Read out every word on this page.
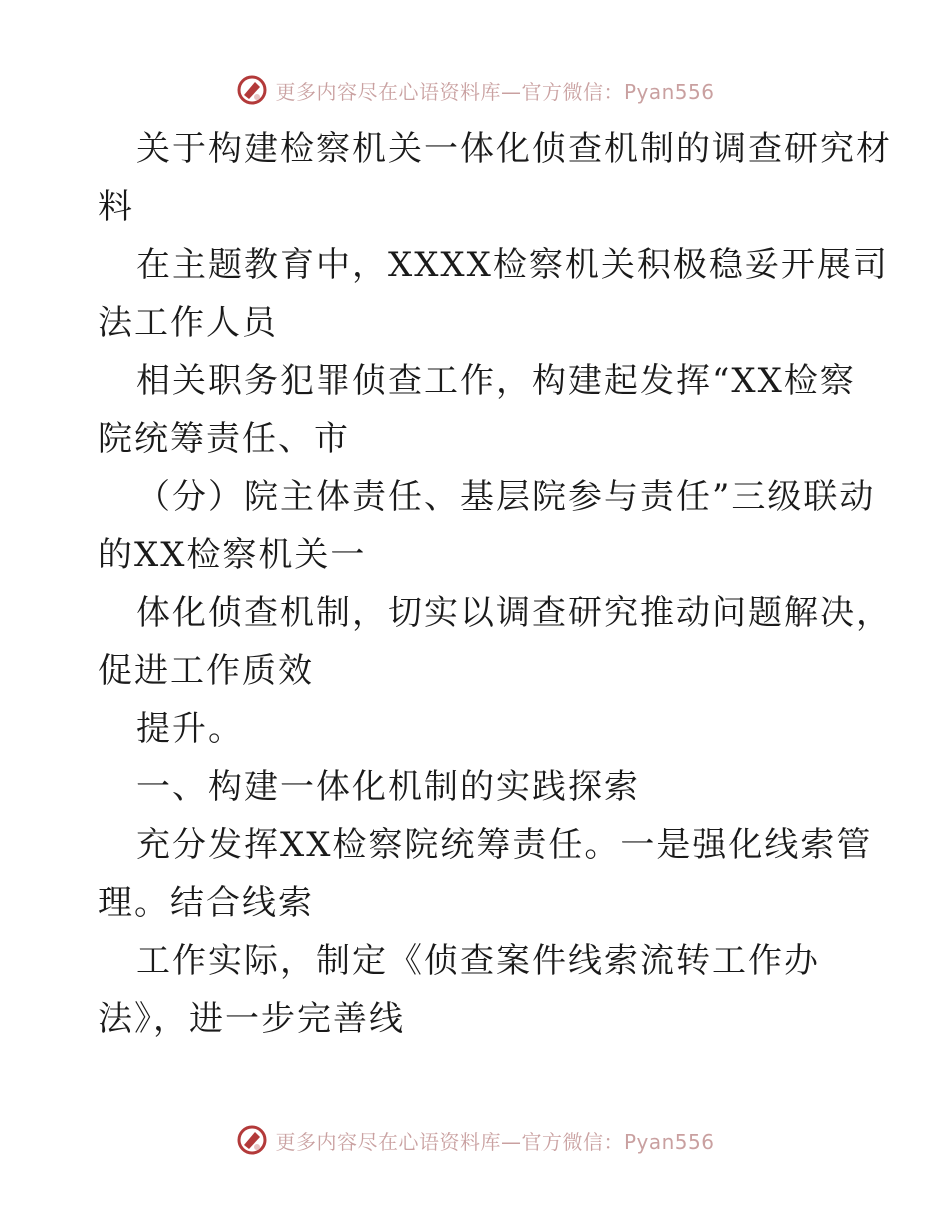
更多内容尽在心语资料库—官方微信：Pyan556
关于构建检察机关一体化侦查机制的调查研究材
料
在主题教育中，XXXX检察机关积极稳妥开展司
法工作人员
相关职务犯罪侦查工作，构建起发挥“XX检察
院统筹责任、市
（分）院主体责任、基层院参与责任”三级联动
的XX检察机关一
体化侦查机制，切实以调查研究推动问题解决，
促进工作质效
提升。
一、构建一体化机制的实践探索
充分发挥XX检察院统筹责任。一是强化线索管
理。结合线索
工作实际，制定《侦查案件线索流转工作办
法》，进一步完善线
更多内容尽在心语资料库—官方微信：Pyan556
